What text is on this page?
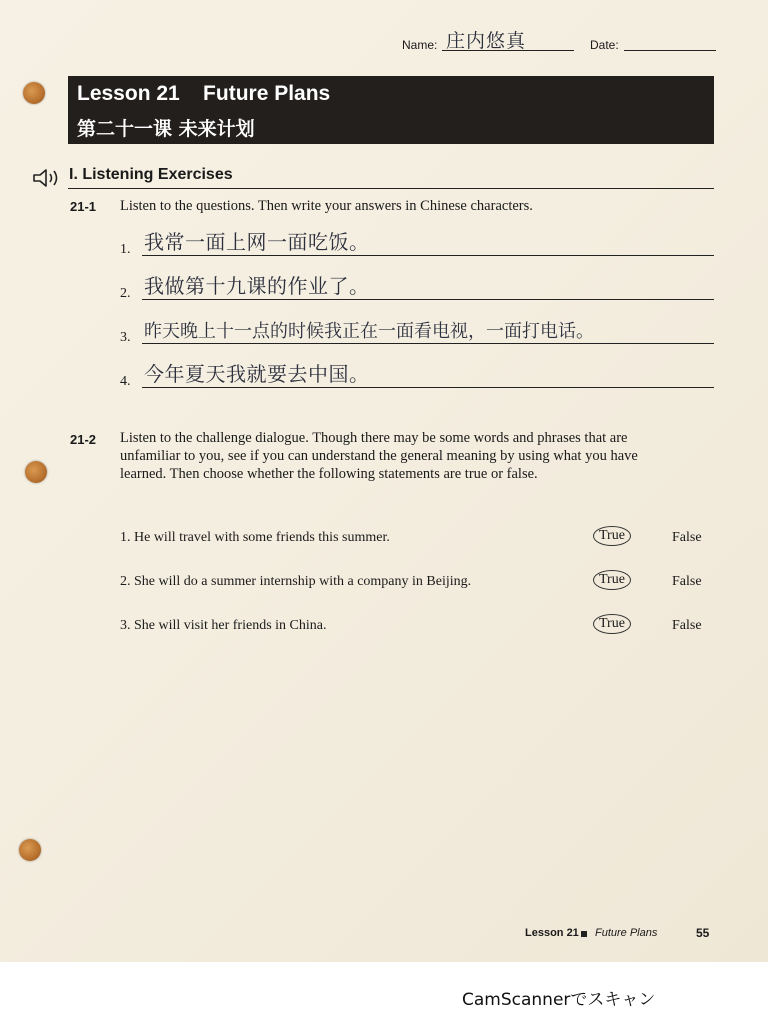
Name: 庄内悠真	Date:
Lesson 21    Future Plans
第二十一课 未来计划
I. Listening Exercises
21-1 Listen to the questions. Then write your answers in Chinese characters.
1. 我常一面上网一面吃饭。
2. 我做第十九课的作业了。
3. 昨天晚上十一点的时候我正在一面看电视，一面打电话。
4. 今年夏天我就要去中国。
21-2 Listen to the challenge dialogue. Though there may be some words and phrases that are unfamiliar to you, see if you can understand the general meaning by using what you have learned. Then choose whether the following statements are true or false.
1. He will travel with some friends this summer.	True	False
2. She will do a summer internship with a company in Beijing.	True	False
3. She will visit her friends in China.	True	False
Lesson 21 Future Plans	55
CamScannerでスキャン
